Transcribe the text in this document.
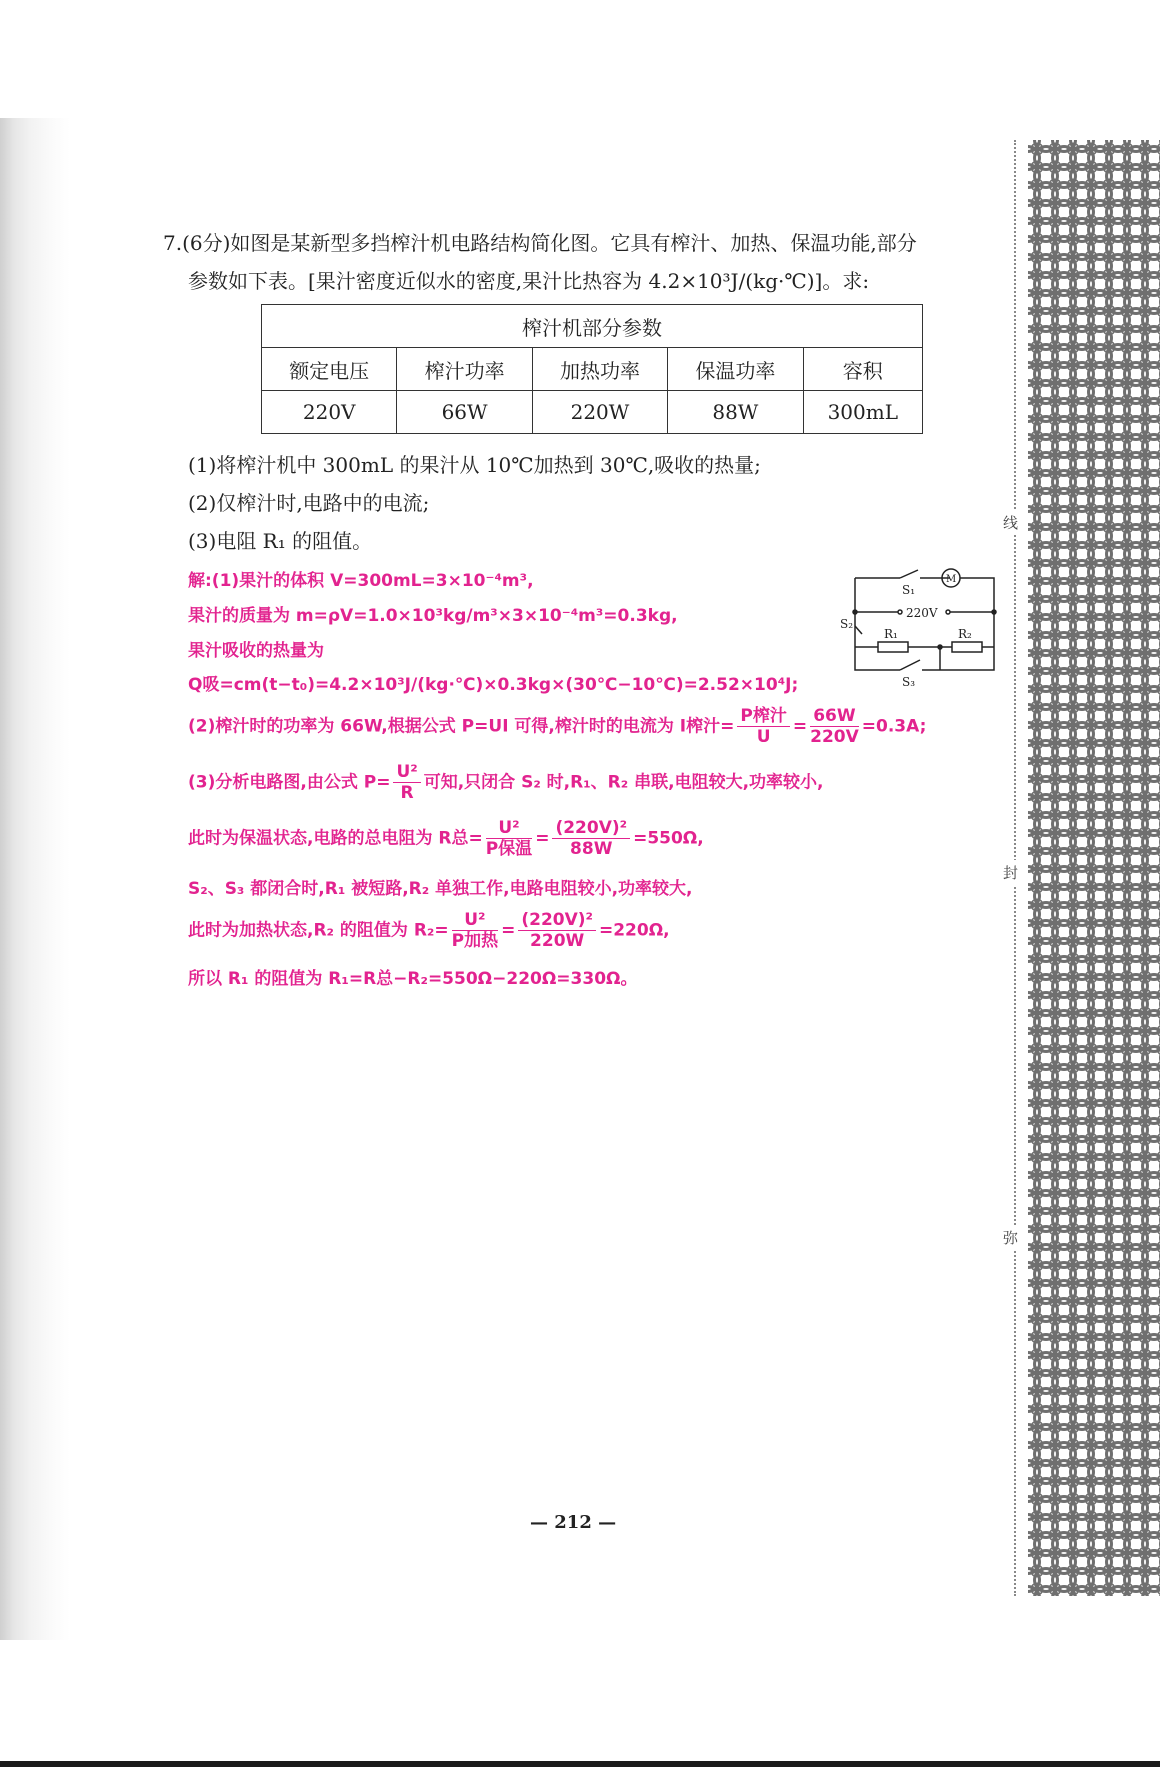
线
封
弥
7.(6分)如图是某新型多挡榨汁机电路结构简化图。它具有榨汁、加热、保温功能,部分
参数如下表。[果汁密度近似水的密度,果汁比热容为 4.2×10³J/(kg·℃)]。求:
榨汁机部分参数				
额定电压	榨汁功率	加热功率	保温功率	容积
220V	66W	220W	88W	300mL
(1)将榨汁机中 300mL 的果汁从 10℃加热到 30℃,吸收的热量;
(2)仅榨汁时,电路中的电流;
(3)电阻 R₁ 的阻值。
解:(1)果汁的体积 V=300mL=3×10⁻⁴m³,
果汁的质量为 m=ρV=1.0×10³kg/m³×3×10⁻⁴m³=0.3kg,
果汁吸收的热量为
Q吸=cm(t−t₀)=4.2×10³J/(kg·℃)×0.3kg×(30℃−10℃)=2.52×10⁴J;
(2)榨汁时的功率为 66W,根据公式 P=UI 可得,榨汁时的电流为 I榨汁= $\frac{\text{P榨汁}}{U} = \frac{66W}{220V} =0.3A$;
(3)分析电路图,由公式 $P= \frac{\text{U²}}{R}$ 可知,只闭合 S₂ 时,R₁、R₂ 串联,电阻较大,功率较小,
此时为保温状态,电路的总电阻为 R总= $\frac{\text{U²}}{\text{P保温}} = \frac{\text{(220V)²}}{88W} =550\Omega$,
S₂、S₃ 都闭合时,R₁ 被短路,R₂ 单独工作,电路电阻较小,功率较大,
此时为加热状态,R₂ 的阻值为 $R_2= \frac{\text{U²}}{\text{P加热}} = \frac{\text{(220V)²}}{220W} =220\Omega$,
所以 R₁ 的阻值为 R₁=R总−R₂=550Ω−220Ω=330Ω。
S₁
M
220V
S₂
R₁	R₂
S₃
— 212 —
